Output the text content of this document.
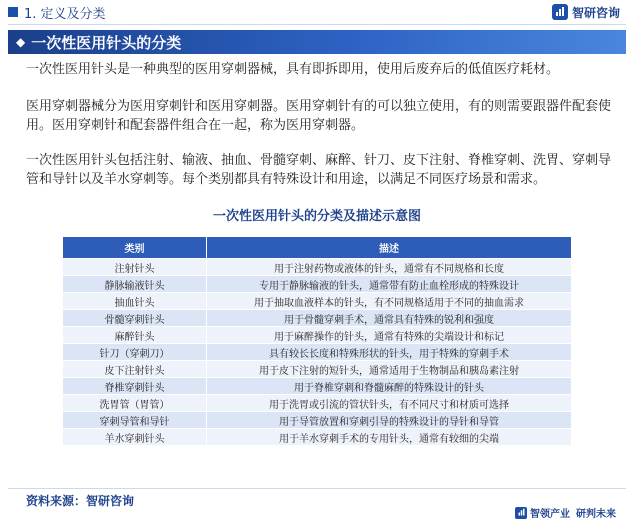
1. 定义及分类	智研咨询
◆ 一次性医用针头的分类
一次性医用针头是一种典型的医用穿刺器械，具有即拆即用，使用后废弃后的低值医疗耗材。
医用穿刺器械分为医用穿刺针和医用穿刺器。医用穿刺针有的可以独立使用，有的则需要跟器件配套使用。医用穿刺针和配套器件组合在一起，称为医用穿刺器。
一次性医用针头包括注射、输液、抽血、骨髓穿刺、麻醉、针刀、皮下注射、脊椎穿刺、洗胃、穿刺导管和导针以及羊水穿刺等。每个类别都具有特殊设计和用途，以满足不同医疗场景和需求。
一次性医用针头的分类及描述示意图
类别	描述
注射针头	用于注射药物或液体的针头，通常有不同规格和长度
静脉输液针头	专用于静脉输液的针头，通常带有防止血栓形成的特殊设计
抽血针头	用于抽取血液样本的针头，有不同规格适用于不同的抽血需求
骨髓穿刺针头	用于骨髓穿刺手术，通常具有特殊的锐利和强度
麻醉针头	用于麻醉操作的针头，通常有特殊的尖端设计和标记
针刀（穿刺刀）	具有较长长度和特殊形状的针头，用于特殊的穿刺手术
皮下注射针头	用于皮下注射的短针头，通常适用于生物制品和胰岛素注射
脊椎穿刺针头	用于脊椎穿刺和脊髓麻醉的特殊设计的针头
洗胃管（胃管）	用于洗胃或引流的管状针头，有不同尺寸和材质可选择
穿刺导管和导针	用于导管放置和穿刺引导的特殊设计的导针和导管
羊水穿刺针头	用于羊水穿刺手术的专用针头，通常有较细的尖端
资料来源：智研咨询
智领产业 研判未来
